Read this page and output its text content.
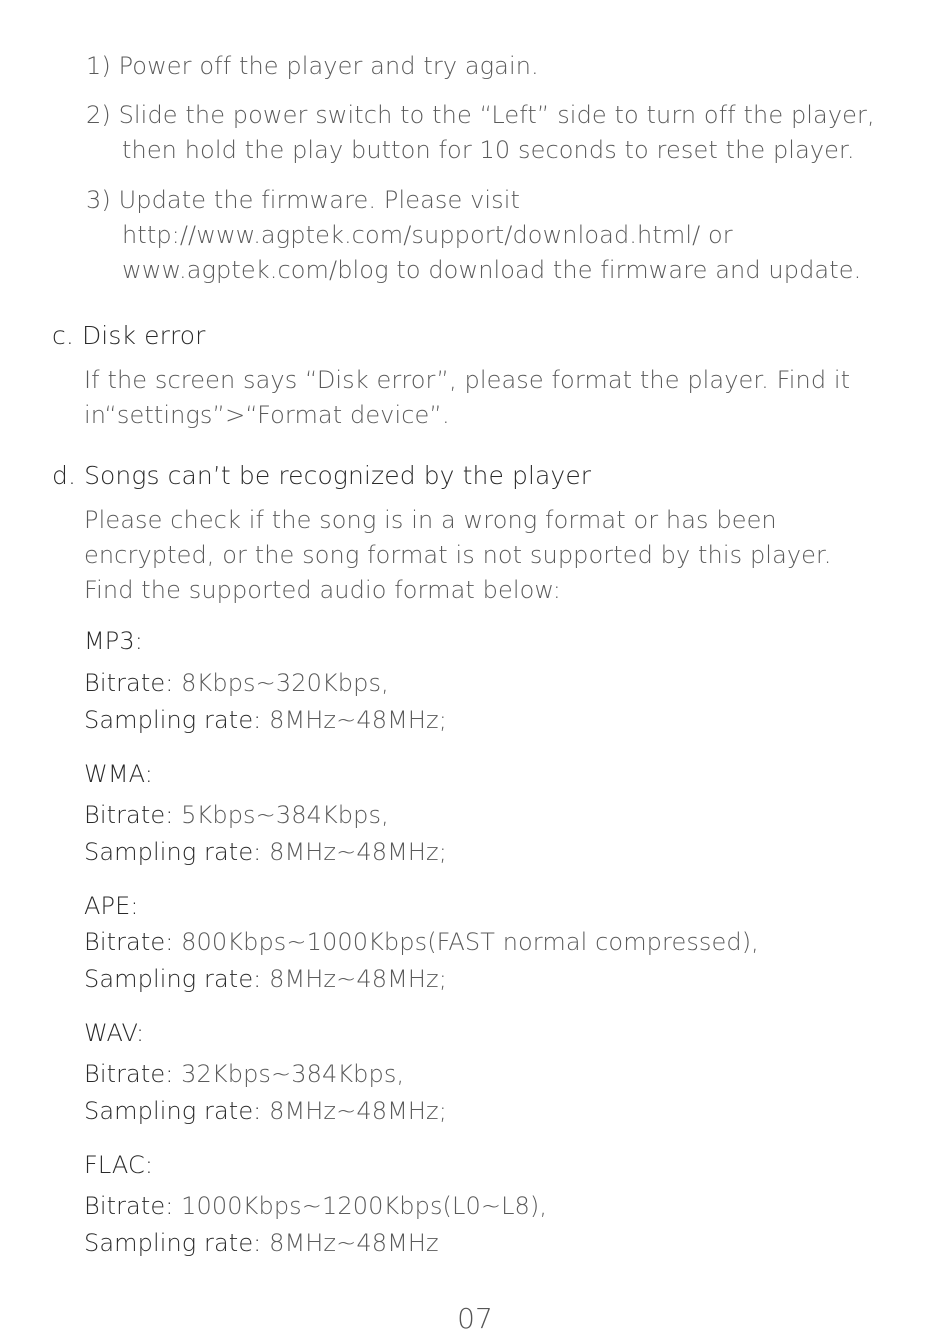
1) Power off the player and try again.
2) Slide the power switch to the “Left” side to turn off the player,
then hold the play button for 10 seconds to reset the player.
3) Update the firmware. Please visit
http://www.agptek.com/support/download.html/ or
www.agptek.com/blog to download the firmware and update.
c. Disk error
If the screen says “Disk error”, please format the player. Find it
in“settings”>“Format device”.
d. Songs can’t be recognized by the player
Please check if the song is in a wrong format or has been
encrypted, or the song format is not supported by this player.
Find the supported audio format below:
MP3:
Bitrate: 8Kbps~320Kbps,
Sampling rate: 8MHz~48MHz;
WMA:
Bitrate: 5Kbps~384Kbps,
Sampling rate: 8MHz~48MHz;
APE:
Bitrate: 800Kbps~1000Kbps(FAST normal compressed),
Sampling rate: 8MHz~48MHz;
WAV:
Bitrate: 32Kbps~384Kbps,
Sampling rate: 8MHz~48MHz;
FLAC:
Bitrate: 1000Kbps~1200Kbps(L0~L8),
Sampling rate: 8MHz~48MHz
07
